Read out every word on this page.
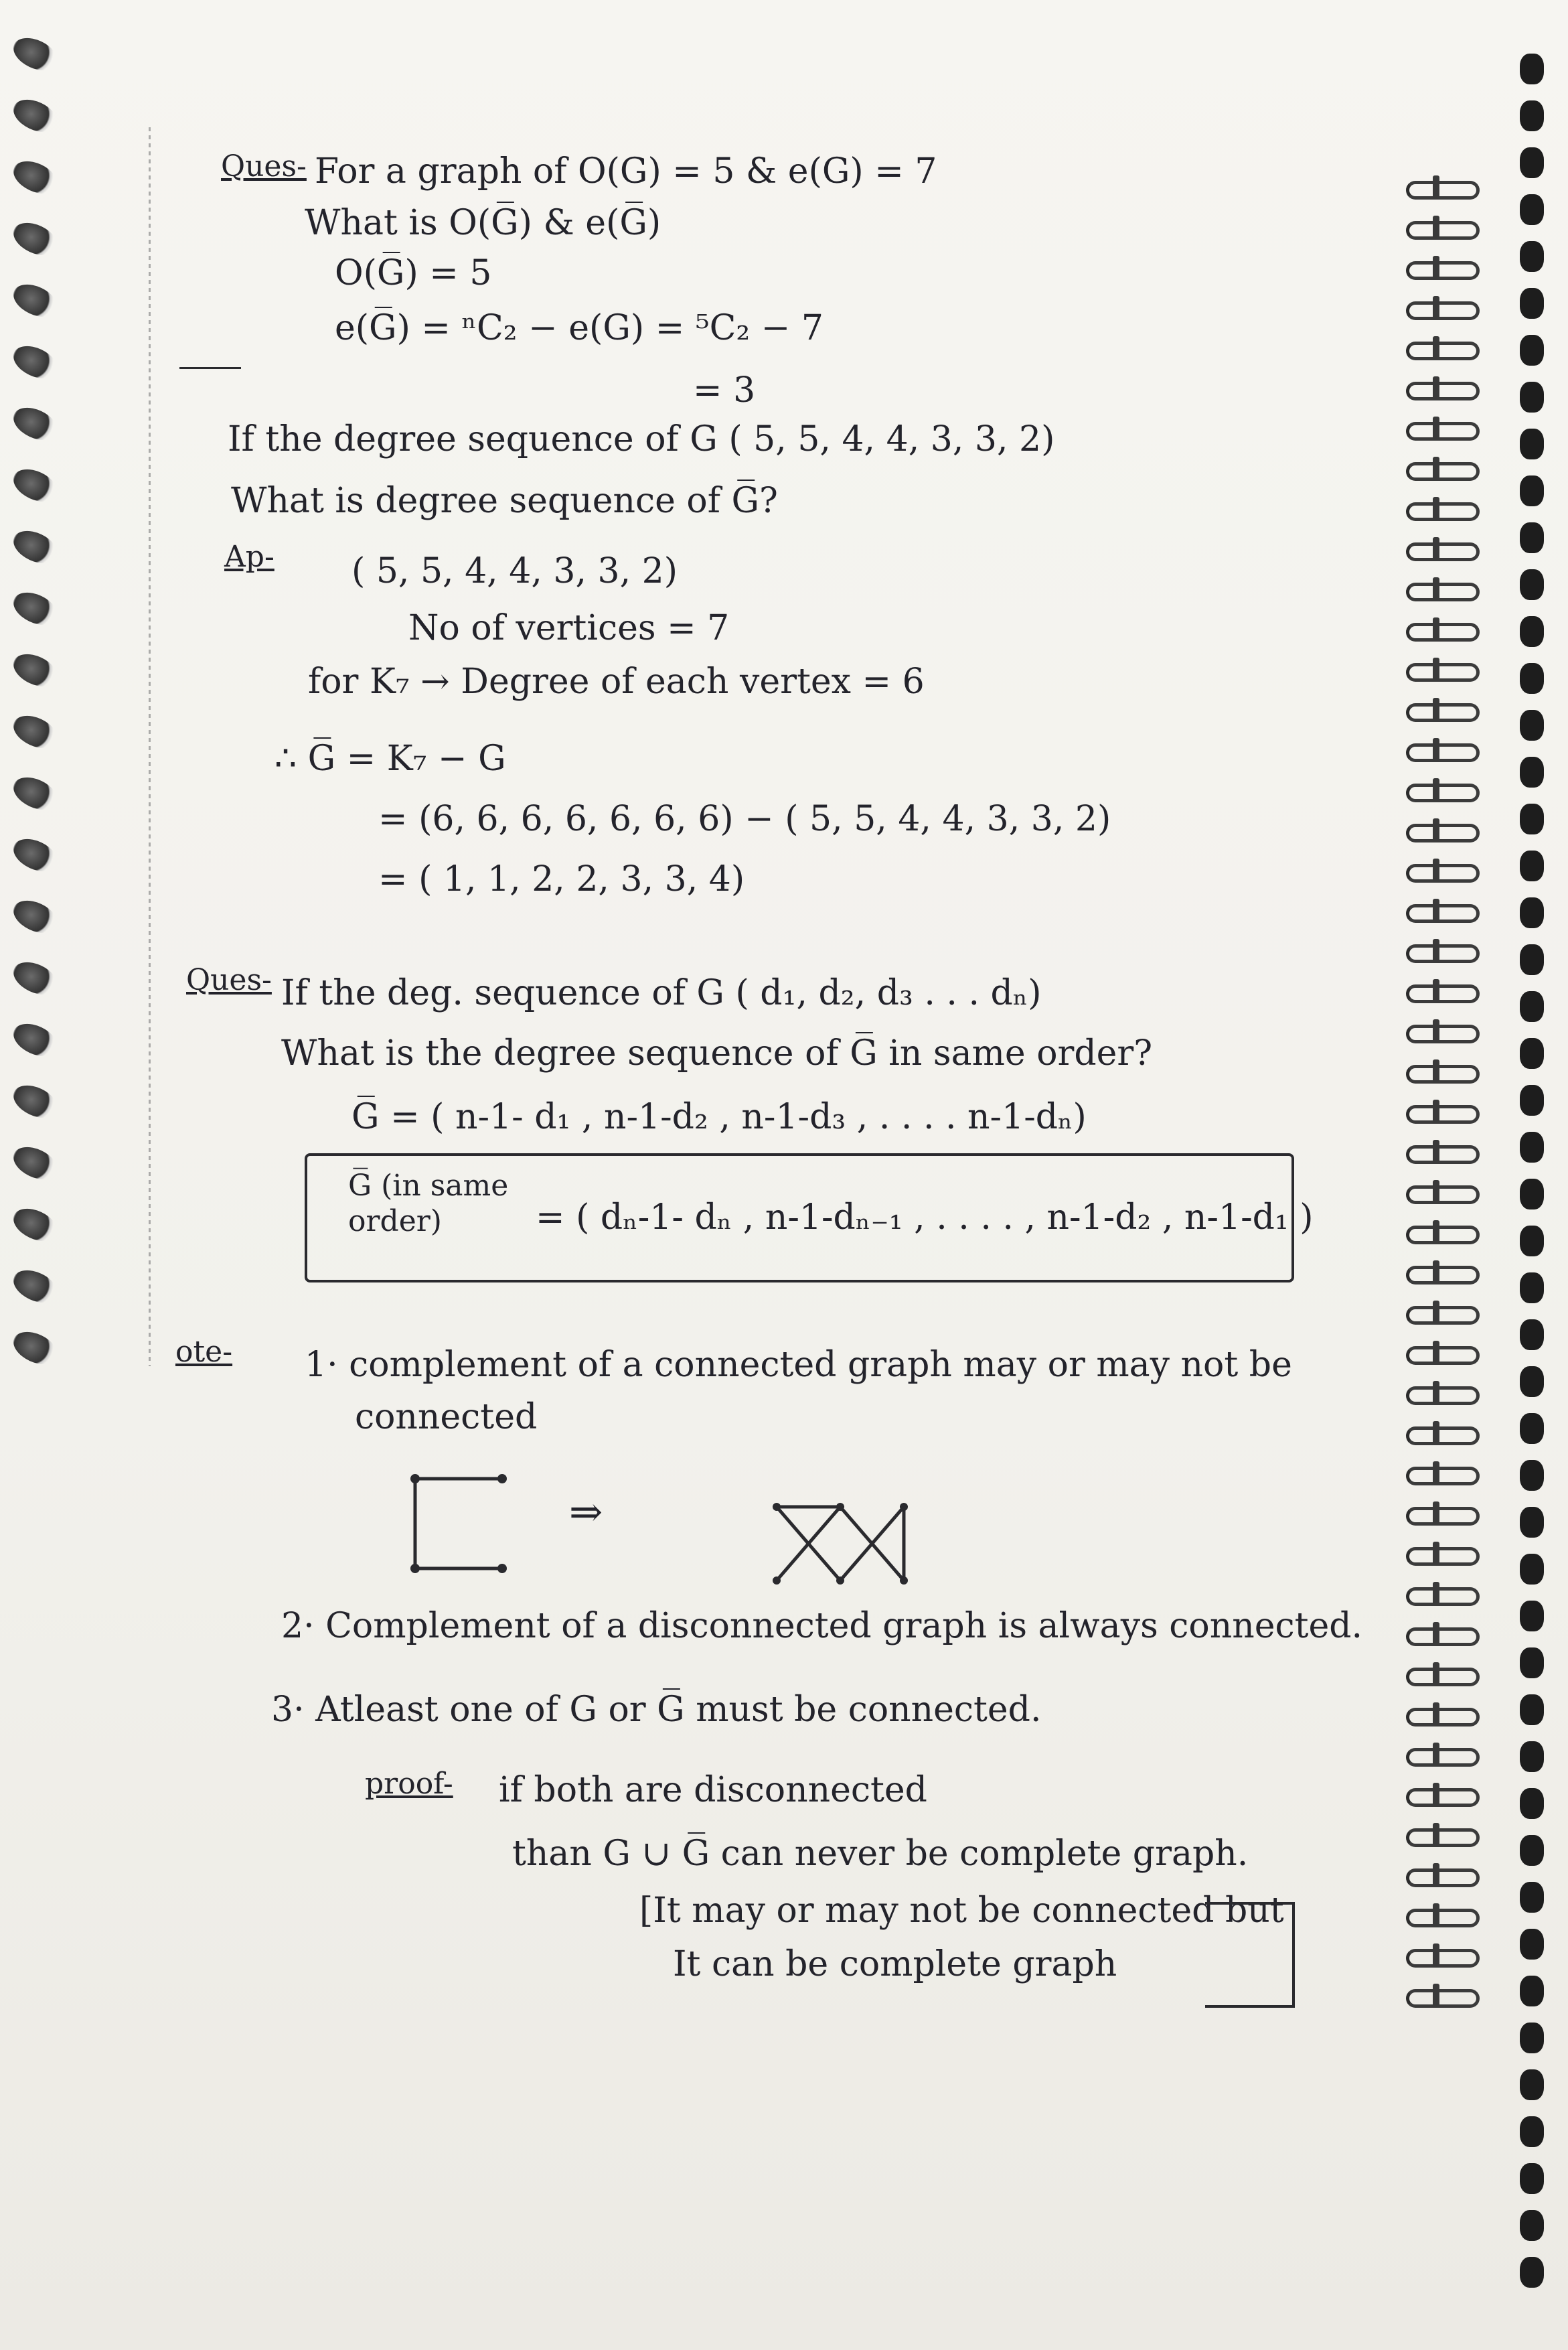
Ques- For a graph of O(G) = 5 & e(G) = 7
What is O(G̅) & e(G̅)
O(G̅) = 5
e(G̅) = ⁿC₂ − e(G) = ⁵C₂ − 7
= 3
If the degree sequence of G ( 5, 5, 4, 4, 3, 3, 2)
What is degree sequence of G̅?
Ap- ( 5, 5, 4, 4, 3, 3, 2)
No of vertices = 7
for K₇ → Degree of each vertex = 6
∴ G̅ = K₇ − G
= (6, 6, 6, 6, 6, 6, 6) − ( 5, 5, 4, 4, 3, 3, 2)
= ( 1, 1, 2, 2, 3, 3, 4)
Ques- If the deg. sequence of G ( d₁, d₂, d₃ . . . dₙ)
What is the degree sequence of G̅ in same order?
G̅ = ( n-1- d₁ , n-1-d₂ , n-1-d₃ , . . . . n-1-dₙ)
G̅ (in same order)	= ( dₙ-1- dₙ , n-1-dₙ₋₁ , . . . . , n-1-d₂ , n-1-d₁ )
ote- 1· complement of a connected graph may or may not be
connected
⇒
2· Complement of a disconnected graph is always connected.
3· Atleast one of G or G̅ must be connected.
proof- if both are disconnected
than G ∪ G̅ can never be complete graph.
[It may or may not be connected but
It can be complete graph
